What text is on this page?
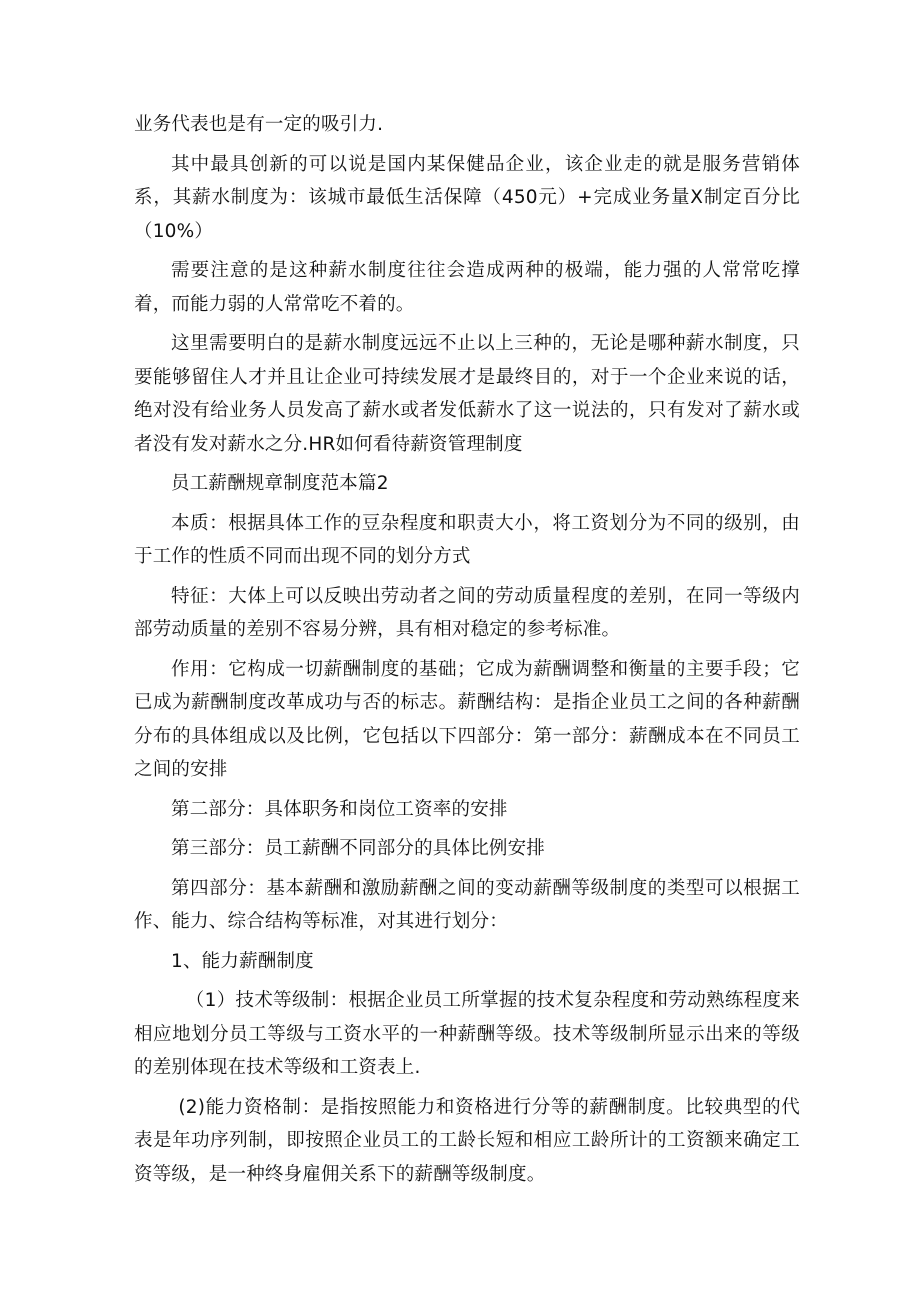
业务代表也是有一定的吸引力.

其中最具创新的可以说是国内某保健品企业，该企业走的就是服务营销体系，其薪水制度为：该城市最低生活保障（450元）+完成业务量X制定百分比（10%）

需要注意的是这种薪水制度往往会造成两种的极端，能力强的人常常吃撑着，而能力弱的人常常吃不着的。

这里需要明白的是薪水制度远远不止以上三种的，无论是哪种薪水制度，只要能够留住人才并且让企业可持续发展才是最终目的，对于一个企业来说的话，绝对没有给业务人员发高了薪水或者发低薪水了这一说法的，只有发对了薪水或者没有发对薪水之分.HR如何看待薪资管理制度

员工薪酬规章制度范本篇2

本质：根据具体工作的豆杂程度和职责大小，将工资划分为不同的级别，由于工作的性质不同而出现不同的划分方式

特征：大体上可以反映出劳动者之间的劳动质量程度的差别，在同一等级内部劳动质量的差别不容易分辨，具有相对稳定的参考标准。

作用：它构成一切薪酬制度的基础；它成为薪酬调整和衡量的主要手段；它已成为薪酬制度改革成功与否的标志。薪酬结构：是指企业员工之间的各种薪酬分布的具体组成以及比例，它包括以下四部分：第一部分：薪酬成本在不同员工之间的安排

第二部分：具体职务和岗位工资率的安排

第三部分：员工薪酬不同部分的具体比例安排

第四部分：基本薪酬和激励薪酬之间的变动薪酬等级制度的类型可以根据工作、能力、综合结构等标准，对其进行划分：

1、能力薪酬制度

（1）技术等级制：根据企业员工所掌握的技术复杂程度和劳动熟练程度来相应地划分员工等级与工资水平的一种薪酬等级。技术等级制所显示出来的等级的差别体现在技术等级和工资表上.

(2)能力资格制：是指按照能力和资格进行分等的薪酬制度。比较典型的代表是年功序列制，即按照企业员工的工龄长短和相应工龄所计的工资额来确定工资等级，是一种终身雇佣关系下的薪酬等级制度。
